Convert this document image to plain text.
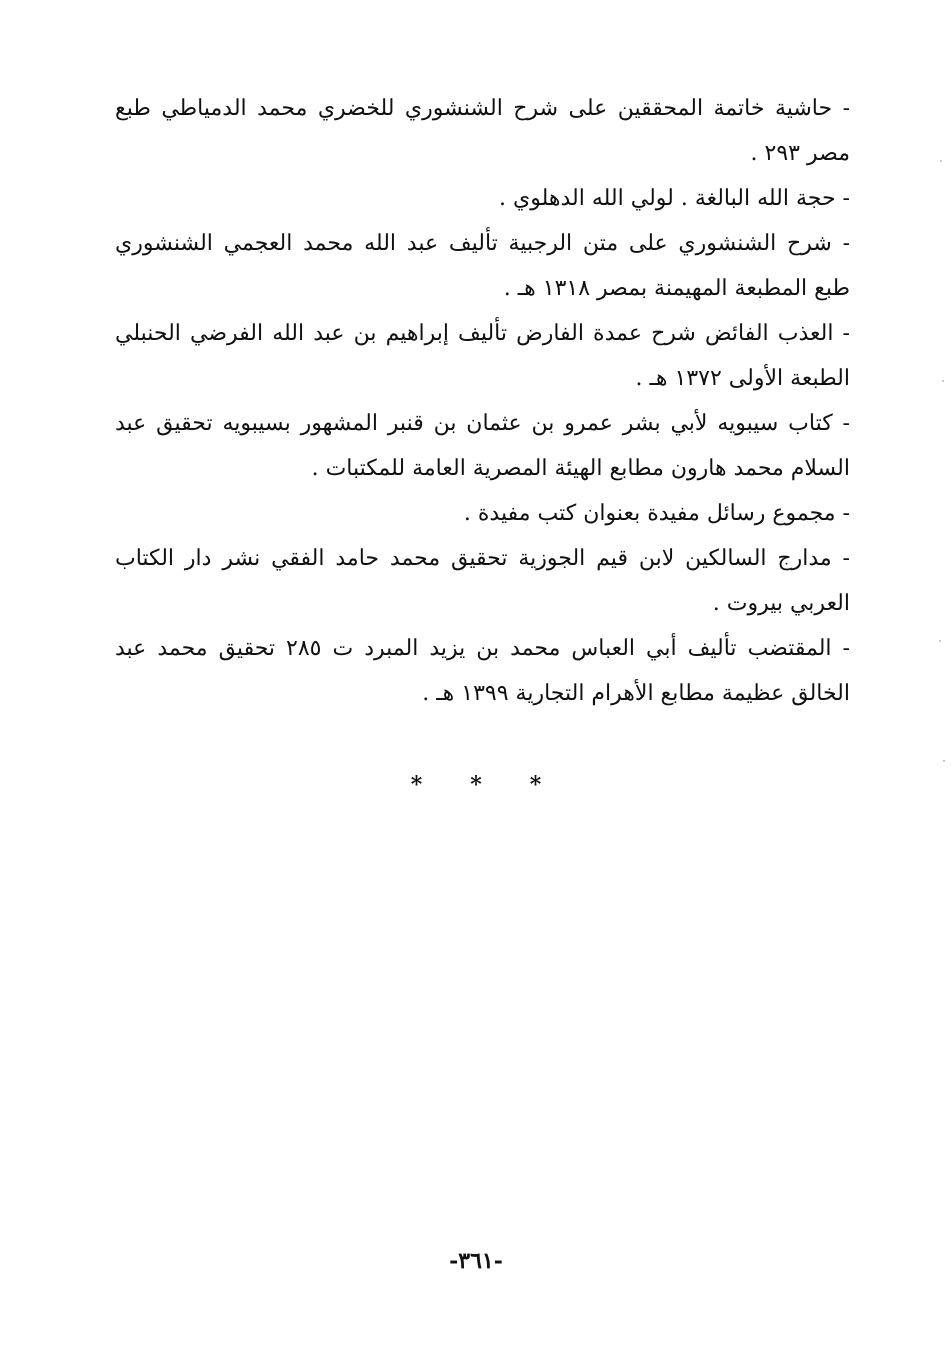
- حاشية خاتمة المحققين على شرح الشنشوري للخضري محمد الدمياطي طبع مصر ٢٩٣ .
- حجة الله البالغة . لولي الله الدهلوي .
- شرح الشنشوري على متن الرجبية تأليف عبد الله محمد العجمي الشنشوري طبع المطبعة المهيمنة بمصر ١٣١٨ هـ .
- العذب الفائض شرح عمدة الفارض تأليف إبراهيم بن عبد الله الفرضي الحنبلي الطبعة الأولى ١٣٧٢ هـ .
- كتاب سيبويه لأبي بشر عمرو بن عثمان بن قنبر المشهور بسيبويه تحقيق عبد السلام محمد هارون مطابع الهيئة المصرية العامة للمكتبات .
- مجموع رسائل مفيدة بعنوان كتب مفيدة .
- مدارج السالكين لابن قيم الجوزية تحقيق محمد حامد الفقي نشر دار الكتاب العربي بيروت .
- المقتضب تأليف أبي العباس محمد بن يزيد المبرد ت ٢٨٥ تحقيق محمد عبد الخالق عظيمة مطابع الأهرام التجارية ١٣٩٩ هـ .
* * *
-٣٦١-
